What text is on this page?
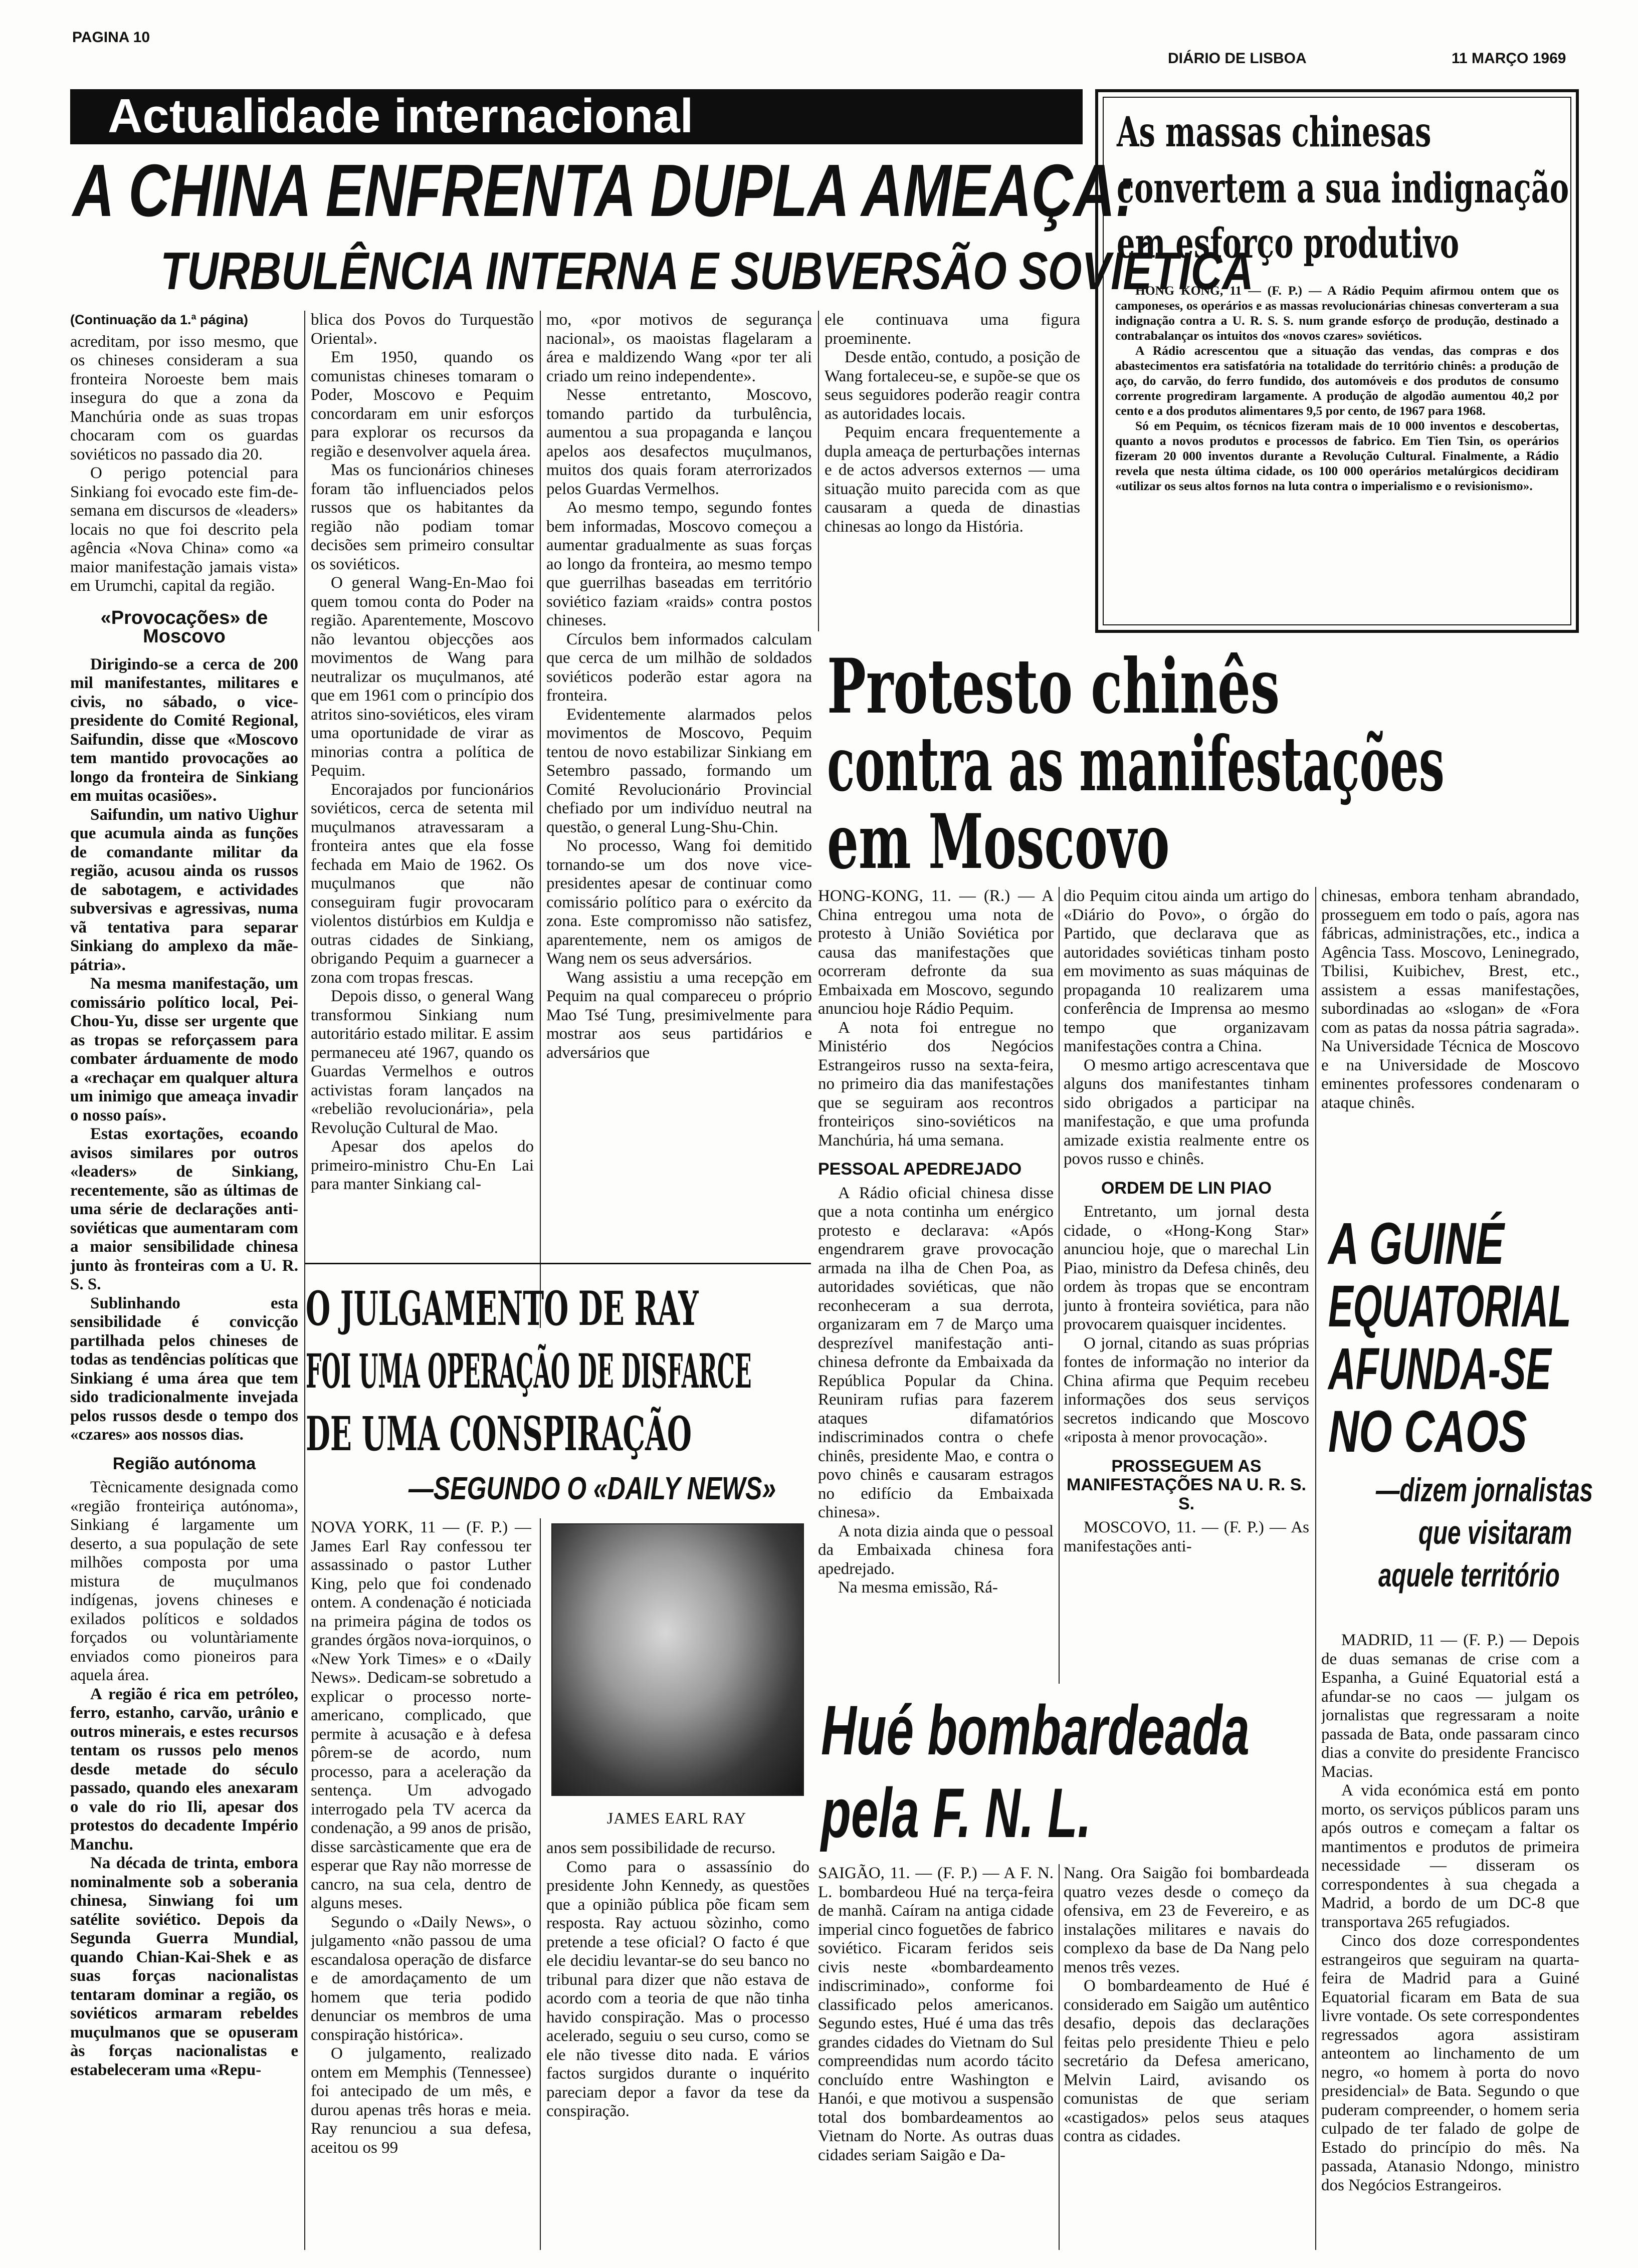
PAGINA 10
DIÁRIO DE LISBOA	11 MARÇO 1969
Actualidade internacional
A CHINA ENFRENTA DUPLA AMEAÇA:
TURBULÊNCIA INTERNA E SUBVERSÃO SOVIÉTICA

(Continuação da 1.ª página)

acreditam, por isso mesmo, que os chineses consideram a sua fronteira Noroeste bem mais insegura do que a zona da Manchúria onde as suas tropas chocaram com os guardas soviéticos no passado dia 20.

O perigo potencial para Sinkiang foi evocado este fim-de-semana em discursos de «leaders» locais no que foi descrito pela agência «Nova China» como «a maior manifestação jamais vista» em Urumchi, capital da região.

«Provocações» de Moscovo

Dirigindo-se a cerca de 200 mil manifestantes, militares e civis, no sábado, o vice-presidente do Comité Regional, Saifundin, disse que «Moscovo tem mantido provocações ao longo da fronteira de Sinkiang em muitas ocasiões».

Saifundin, um nativo Uighur que acumula ainda as funções de comandante militar da região, acusou ainda os russos de sabotagem, e actividades subversivas e agressivas, numa vã tentativa para separar Sinkiang do amplexo da mãe-pátria».

Na mesma manifestação, um comissário político local, Pei-Chou-Yu, disse ser urgente que as tropas se reforçassem para combater árduamente de modo a «rechaçar em qualquer altura um inimigo que ameaça invadir o nosso país».

Estas exortações, ecoando avisos similares por outros «leaders» de Sinkiang, recentemente, são as últimas de uma série de declarações anti-soviéticas que aumentaram com a maior sensibilidade chinesa junto às fronteiras com a U. R. S. S.

Sublinhando esta sensibilidade é convicção partilhada pelos chineses de todas as tendências políticas que Sinkiang é uma área que tem sido tradicionalmente invejada pelos russos desde o tempo dos «czares» aos nossos dias.

Região autónoma

Tècnicamente designada como «região fronteiriça autónoma», Sinkiang é largamente um deserto, a sua população de sete milhões composta por uma mistura de muçulmanos indígenas, jovens chineses e exilados políticos e soldados forçados ou voluntàriamente enviados como pioneiros para aquela área.

A região é rica em petróleo, ferro, estanho, carvão, urânio e outros minerais, e estes recursos tentam os russos pelo menos desde metade do século passado, quando eles anexaram o vale do rio Ili, apesar dos protestos do decadente Império Manchu.

Na década de trinta, embora nominalmente sob a soberania chinesa, Sinwiang foi um satélite soviético. Depois da Segunda Guerra Mundial, quando Chian-Kai-Shek e as suas forças nacionalistas tentaram dominar a região, os soviéticos armaram rebeldes muçulmanos que se opuseram às forças nacionalistas e estabeleceram uma «Repu-

blica dos Povos do Turquestão Oriental».

Em 1950, quando os comunistas chineses tomaram o Poder, Moscovo e Pequim concordaram em unir esforços para explorar os recursos da região e desenvolver aquela área.

Mas os funcionários chineses foram tão influenciados pelos russos que os habitantes da região não podiam tomar decisões sem primeiro consultar os soviéticos.

O general Wang-En-Mao foi quem tomou conta do Poder na região. Aparentemente, Moscovo não levantou objecções aos movimentos de Wang para neutralizar os muçulmanos, até que em 1961 com o princípio dos atritos sino-soviéticos, eles viram uma oportunidade de virar as minorias contra a política de Pequim.

Encorajados por funcionários soviéticos, cerca de setenta mil muçulmanos atravessaram a fronteira antes que ela fosse fechada em Maio de 1962. Os muçulmanos que não conseguiram fugir provocaram violentos distúrbios em Kuldja e outras cidades de Sinkiang, obrigando Pequim a guarnecer a zona com tropas frescas.

Depois disso, o general Wang transformou Sinkiang num autoritário estado militar. E assim permaneceu até 1967, quando os Guardas Vermelhos e outros activistas foram lançados na «rebelião revolucionária», pela Revolução Cultural de Mao.

Apesar dos apelos do primeiro-ministro Chu-En Lai para manter Sinkiang cal-

mo, «por motivos de segurança nacional», os maoistas flagelaram a área e maldizendo Wang «por ter ali criado um reino independente».

Nesse entretanto, Moscovo, tomando partido da turbulência, aumentou a sua propaganda e lançou apelos aos desafectos muçulmanos, muitos dos quais foram aterrorizados pelos Guardas Vermelhos.

Ao mesmo tempo, segundo fontes bem informadas, Moscovo começou a aumentar gradualmente as suas forças ao longo da fronteira, ao mesmo tempo que guerrilhas baseadas em território soviético faziam «raids» contra postos chineses.

Círculos bem informados calculam que cerca de um milhão de soldados soviéticos poderão estar agora na fronteira.

Evidentemente alarmados pelos movimentos de Moscovo, Pequim tentou de novo estabilizar Sinkiang em Setembro passado, formando um Comité Revolucionário Provincial chefiado por um indivíduo neutral na questão, o general Lung-Shu-Chin.

No processo, Wang foi demitido tornando-se um dos nove vice-presidentes apesar de continuar como comissário político para o exército da zona. Este compromisso não satisfez, aparentemente, nem os amigos de Wang nem os seus adversários.

Wang assistiu a uma recepção em Pequim na qual compareceu o próprio Mao Tsé Tung, presimivelmente para mostrar aos seus partidários e adversários que

ele continuava uma figura proeminente.

Desde então, contudo, a posição de Wang fortaleceu-se, e supõe-se que os seus seguidores poderão reagir contra as autoridades locais.

Pequim encara frequentemente a dupla ameaça de perturbações internas e de actos adversos externos — uma situação muito parecida com as que causaram a queda de dinastias chinesas ao longo da História.

As massas chinesas
convertem a sua indignação
em esforço produtivo

HONG KONG, 11 — (F. P.) — A Rádio Pequim afirmou ontem que os camponeses, os operários e as massas revolucionárias chinesas converteram a sua indignação contra a U. R. S. S. num grande esforço de produção, destinado a contrabalançar os intuitos dos «novos czares» soviéticos.

A Rádio acrescentou que a situação das vendas, das compras e dos abastecimentos era satisfatória na totalidade do território chinês: a produção de aço, do carvão, do ferro fundido, dos automóveis e dos produtos de consumo corrente progrediram largamente. A produção de algodão aumentou 40,2 por cento e a dos produtos alimentares 9,5 por cento, de 1967 para 1968.

Só em Pequim, os técnicos fizeram mais de 10 000 inventos e descobertas, quanto a novos produtos e processos de fabrico. Em Tien Tsin, os operários fizeram 20 000 inventos durante a Revolução Cultural. Finalmente, a Rádio revela que nesta última cidade, os 100 000 operários metalúrgicos decidiram «utilizar os seus altos fornos na luta contra o imperialismo e o revisionismo».

Protesto chinês
contra as manifestações
em Moscovo

HONG-KONG, 11. — (R.) — A China entregou uma nota de protesto à União Soviética por causa das manifestações que ocorreram defronte da sua Embaixada em Moscovo, segundo anunciou hoje Rádio Pequim.

A nota foi entregue no Ministério dos Negócios Estrangeiros russo na sexta-feira, no primeiro dia das manifestações que se seguiram aos recontros fronteiriços sino-soviéticos na Manchúria, há uma semana.

PESSOAL APEDREJADO

A Rádio oficial chinesa disse que a nota continha um enérgico protesto e declarava: «Após engendrarem grave provocação armada na ilha de Chen Poa, as autoridades soviéticas, que não reconheceram a sua derrota, organizaram em 7 de Março uma desprezível manifestação anti-chinesa defronte da Embaixada da República Popular da China. Reuniram rufias para fazerem ataques difamatórios indiscriminados contra o chefe chinês, presidente Mao, e contra o povo chinês e causaram estragos no edifício da Embaixada chinesa».

A nota dizia ainda que o pessoal da Embaixada chinesa fora apedrejado.

Na mesma emissão, Rá-

dio Pequim citou ainda um artigo do «Diário do Povo», o órgão do Partido, que declarava que as autoridades soviéticas tinham posto em movimento as suas máquinas de propaganda 10 realizarem uma conferência de Imprensa ao mesmo tempo que organizavam manifestações contra a China.

O mesmo artigo acrescentava que alguns dos manifestantes tinham sido obrigados a participar na manifestação, e que uma profunda amizade existia realmente entre os povos russo e chinês.

ORDEM DE LIN PIAO

Entretanto, um jornal desta cidade, o «Hong-Kong Star» anunciou hoje, que o marechal Lin Piao, ministro da Defesa chinês, deu ordem às tropas que se encontram junto à fronteira soviética, para não provocarem quaisquer incidentes.

O jornal, citando as suas próprias fontes de informação no interior da China afirma que Pequim recebeu informações dos seus serviços secretos indicando que Moscovo «riposta à menor provocação».

PROSSEGUEM AS MANIFESTAÇÕES NA U. R. S. S.

MOSCOVO, 11. — (F. P.) — As manifestações anti-

chinesas, embora tenham abrandado, prosseguem em todo o país, agora nas fábricas, administrações, etc., indica a Agência Tass. Moscovo, Leninegrado, Tbilisi, Kuibichev, Brest, etc., assistem a essas manifestações, subordinadas ao «slogan» de «Fora com as patas da nossa pátria sagrada». Na Universidade Técnica de Moscovo e na Universidade de Moscovo eminentes professores condenaram o ataque chinês.

A GUINÉ
EQUATORIAL
AFUNDA-SE
NO CAOS
—dizem jornalistas
que visitaram
aquele território

MADRID, 11 — (F. P.) — Depois de duas semanas de crise com a Espanha, a Guiné Equatorial está a afundar-se no caos — julgam os jornalistas que regressaram a noite passada de Bata, onde passaram cinco dias a convite do presidente Francisco Macias.

A vida económica está em ponto morto, os serviços públicos param uns após outros e começam a faltar os mantimentos e produtos de primeira necessidade — disseram os correspondentes à sua chegada a Madrid, a bordo de um DC-8 que transportava 265 refugiados.

Cinco dos doze correspondentes estrangeiros que seguiram na quarta-feira de Madrid para a Guiné Equatorial ficaram em Bata de sua livre vontade. Os sete correspondentes regressados agora assistiram anteontem ao linchamento de um negro, «o homem à porta do novo presidencial» de Bata. Segundo o que puderam compreender, o homem seria culpado de ter falado de golpe de Estado do princípio do mês. Na passada, Atanasio Ndongo, ministro dos Negócios Estrangeiros.

O JULGAMENTO DE RAY
FOI UMA OPERAÇÃO DE DISFARCE
DE UMA CONSPIRAÇÃO
—SEGUNDO O «DAILY NEWS»

NOVA YORK, 11 — (F. P.) — James Earl Ray confessou ter assassinado o pastor Luther King, pelo que foi condenado ontem. A condenação é noticiada na primeira página de todos os grandes órgãos nova-iorquinos, o «New York Times» e o «Daily News». Dedicam-se sobretudo a explicar o processo norte-americano, complicado, que permite à acusação e à defesa pôrem-se de acordo, num processo, para a aceleração da sentença. Um advogado interrogado pela TV acerca da condenação, a 99 anos de prisão, disse sarcàsticamente que era de esperar que Ray não morresse de cancro, na sua cela, dentro de alguns meses.

Segundo o «Daily News», o julgamento «não passou de uma escandalosa operação de disfarce e de amordaçamento de um homem que teria podido denunciar os membros de uma conspiração histórica».

O julgamento, realizado ontem em Memphis (Tennessee) foi antecipado de um mês, e durou apenas três horas e meia. Ray renunciou a sua defesa, aceitou os 99

JAMES EARL RAY

anos sem possibilidade de recurso.

Como para o assassínio do presidente John Kennedy, as questões que a opinião pública põe ficam sem resposta. Ray actuou sòzinho, como pretende a tese oficial? O facto é que ele decidiu levantar-se do seu banco no tribunal para dizer que não estava de acordo com a teoria de que não tinha havido conspiração. Mas o processo acelerado, seguiu o seu curso, como se ele não tivesse dito nada. E vários factos surgidos durante o inquérito pareciam depor a favor da tese da conspiração.

Hué bombardeada
pela F. N. L.

SAIGÃO, 11. — (F. P.) — A F. N. L. bombardeou Hué na terça-feira de manhã. Caíram na antiga cidade imperial cinco foguetões de fabrico soviético. Ficaram feridos seis civis neste «bombardeamento indiscriminado», conforme foi classificado pelos americanos. Segundo estes, Hué é uma das três grandes cidades do Vietnam do Sul compreendidas num acordo tácito concluído entre Washington e Hanói, e que motivou a suspensão total dos bombardeamentos ao Vietnam do Norte. As outras duas cidades seriam Saigão e Da-

Nang. Ora Saigão foi bombardeada quatro vezes desde o começo da ofensiva, em 23 de Fevereiro, e as instalações militares e navais do complexo da base de Da Nang pelo menos três vezes.

O bombardeamento de Hué é considerado em Saigão um autêntico desafio, depois das declarações feitas pelo presidente Thieu e pelo secretário da Defesa americano, Melvin Laird, avisando os comunistas de que seriam «castigados» pelos seus ataques contra as cidades.
